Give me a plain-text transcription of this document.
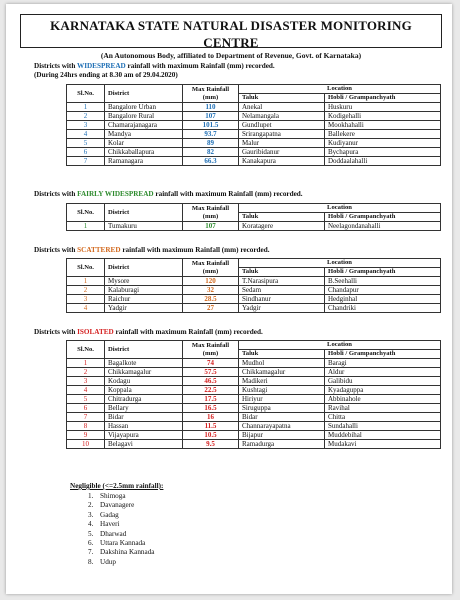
KARNATAKA STATE NATURAL DISASTER MONITORING CENTRE
(An Autonomous Body, affiliated to Department of Revenue, Govt. of Karnataka)
Districts with WIDESPREAD rainfall with maximum Rainfall (mm) recorded.
(During 24hrs ending at 8.30 am of 29.04.2020)
Sl.No.	District	Max Rainfall (mm)	Location	
			Taluk	Hobli / Grampanchyath
1	Bangalore Urban	110	Anekal	Huskuru
2	Bangalore Rural	107	Nelamangala	Kodigehalli
3	Chamarajanagara	101.5	Gundlupet	Mookhahalli
4	Mandya	93.7	Srirangapatna	Ballekere
5	Kolar	89	Malur	Kudiyanur
6	Chikkaballapura	82	Gauribidanur	Bychapura
7	Ramanagara	66.3	Kanakapura	Doddaalahalli
Districts with FAIRLY WIDESPREAD rainfall with maximum Rainfall (mm) recorded.
Sl.No.	District	Max Rainfall (mm)	Location	
			Taluk	Hobli / Grampanchyath
1	Tumakuru	107	Koratagere	Neelagondanahalli
Districts with SCATTERED rainfall with maximum Rainfall (mm) recorded.
Sl.No.	District	Max Rainfall (mm)	Location	
			Taluk	Hobli / Grampanchyath
1	Mysore	120	T.Narasipura	B.Seehalli
2	Kalaburagi	32	Sedam	Chandapur
3	Raichur	28.5	Sindhanur	Hedginhal
4	Yadgir	27	Yadgir	Chandriki
Districts with ISOLATED rainfall with maximum Rainfall (mm) recorded.
Sl.No.	District	Max Rainfall (mm)	Location	
			Taluk	Hobli / Grampanchyath
1	Bagalkote	74	Mudhol	Baragi
2	Chikkamagalur	57.5	Chikkamagalur	Aldur
3	Kodagu	46.5	Madikeri	Galibidu
4	Koppala	22.5	Kushtagi	Kyadaguppa
5	Chitradurga	17.5	Hiriyur	Abbinahole
6	Bellary	16.5	Siruguppa	Ravihal
7	Bidar	16	Bidar	Chitta
8	Hassan	11.5	Channarayapatna	Sundahalli
9	Vijayapura	10.5	Bijapur	Muddebihal
10	Belagavi	9.5	Ramadurga	Mudakavi
Negligible (<=2.5mm rainfall):
1. Shimoga
2. Davanagere
3. Gadag
4. Haveri
5. Dharwad
6. Uttara Kannada
7. Dakshina Kannada
8. Udup
